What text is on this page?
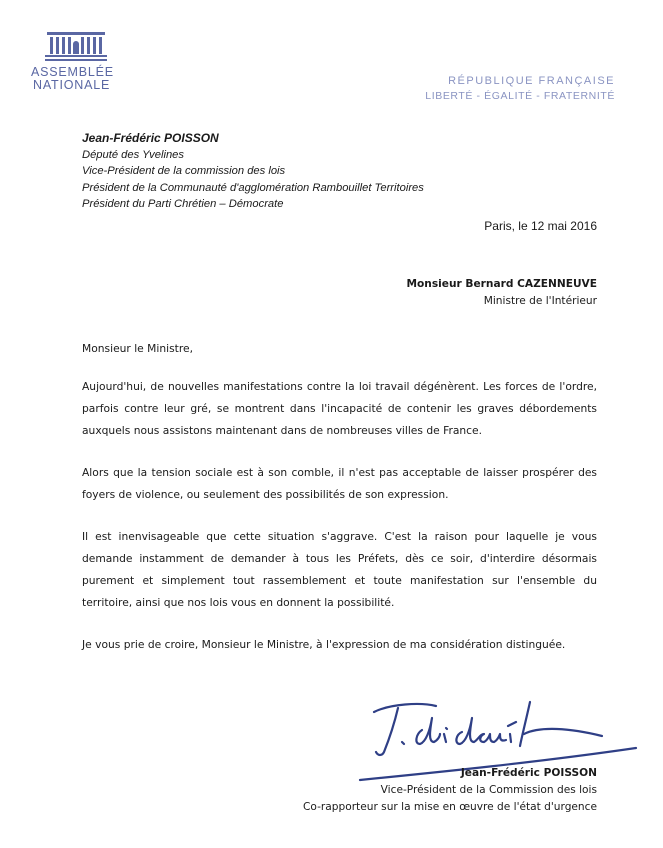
ASSEMBLÉE
NATIONALE	RÉPUBLIQUE FRANÇAISE
LIBERTÉ - ÉGALITÉ - FRATERNITÉ
Jean-Frédéric POISSON
Député des Yvelines
Vice-Président de la commission des lois
Président de la Communauté d'agglomération Rambouillet Territoires
Président du Parti Chrétien – Démocrate
Paris, le 12 mai 2016
Monsieur Bernard CAZENNEUVE
Ministre de l'Intérieur

Monsieur le Ministre,

Aujourd'hui, de nouvelles manifestations contre la loi travail dégénèrent. Les forces de l'ordre, parfois contre leur gré, se montrent dans l'incapacité de contenir les graves débordements auxquels nous assistons maintenant dans de nombreuses villes de France.

Alors que la tension sociale est à son comble, il n'est pas acceptable de laisser prospérer des foyers de violence, ou seulement des possibilités de son expression.

Il est inenvisageable que cette situation s'aggrave. C'est la raison pour laquelle je vous demande instamment de demander à tous les Préfets, dès ce soir, d'interdire désormais purement et simplement tout rassemblement et toute manifestation sur l'ensemble du territoire, ainsi que nos lois vous en donnent la possibilité.

Je vous prie de croire, Monsieur le Ministre, à l'expression de ma considération distinguée.

Jean-Frédéric POISSON
Vice-Président de la Commission des lois
Co-rapporteur sur la mise en œuvre de l'état d'urgence
